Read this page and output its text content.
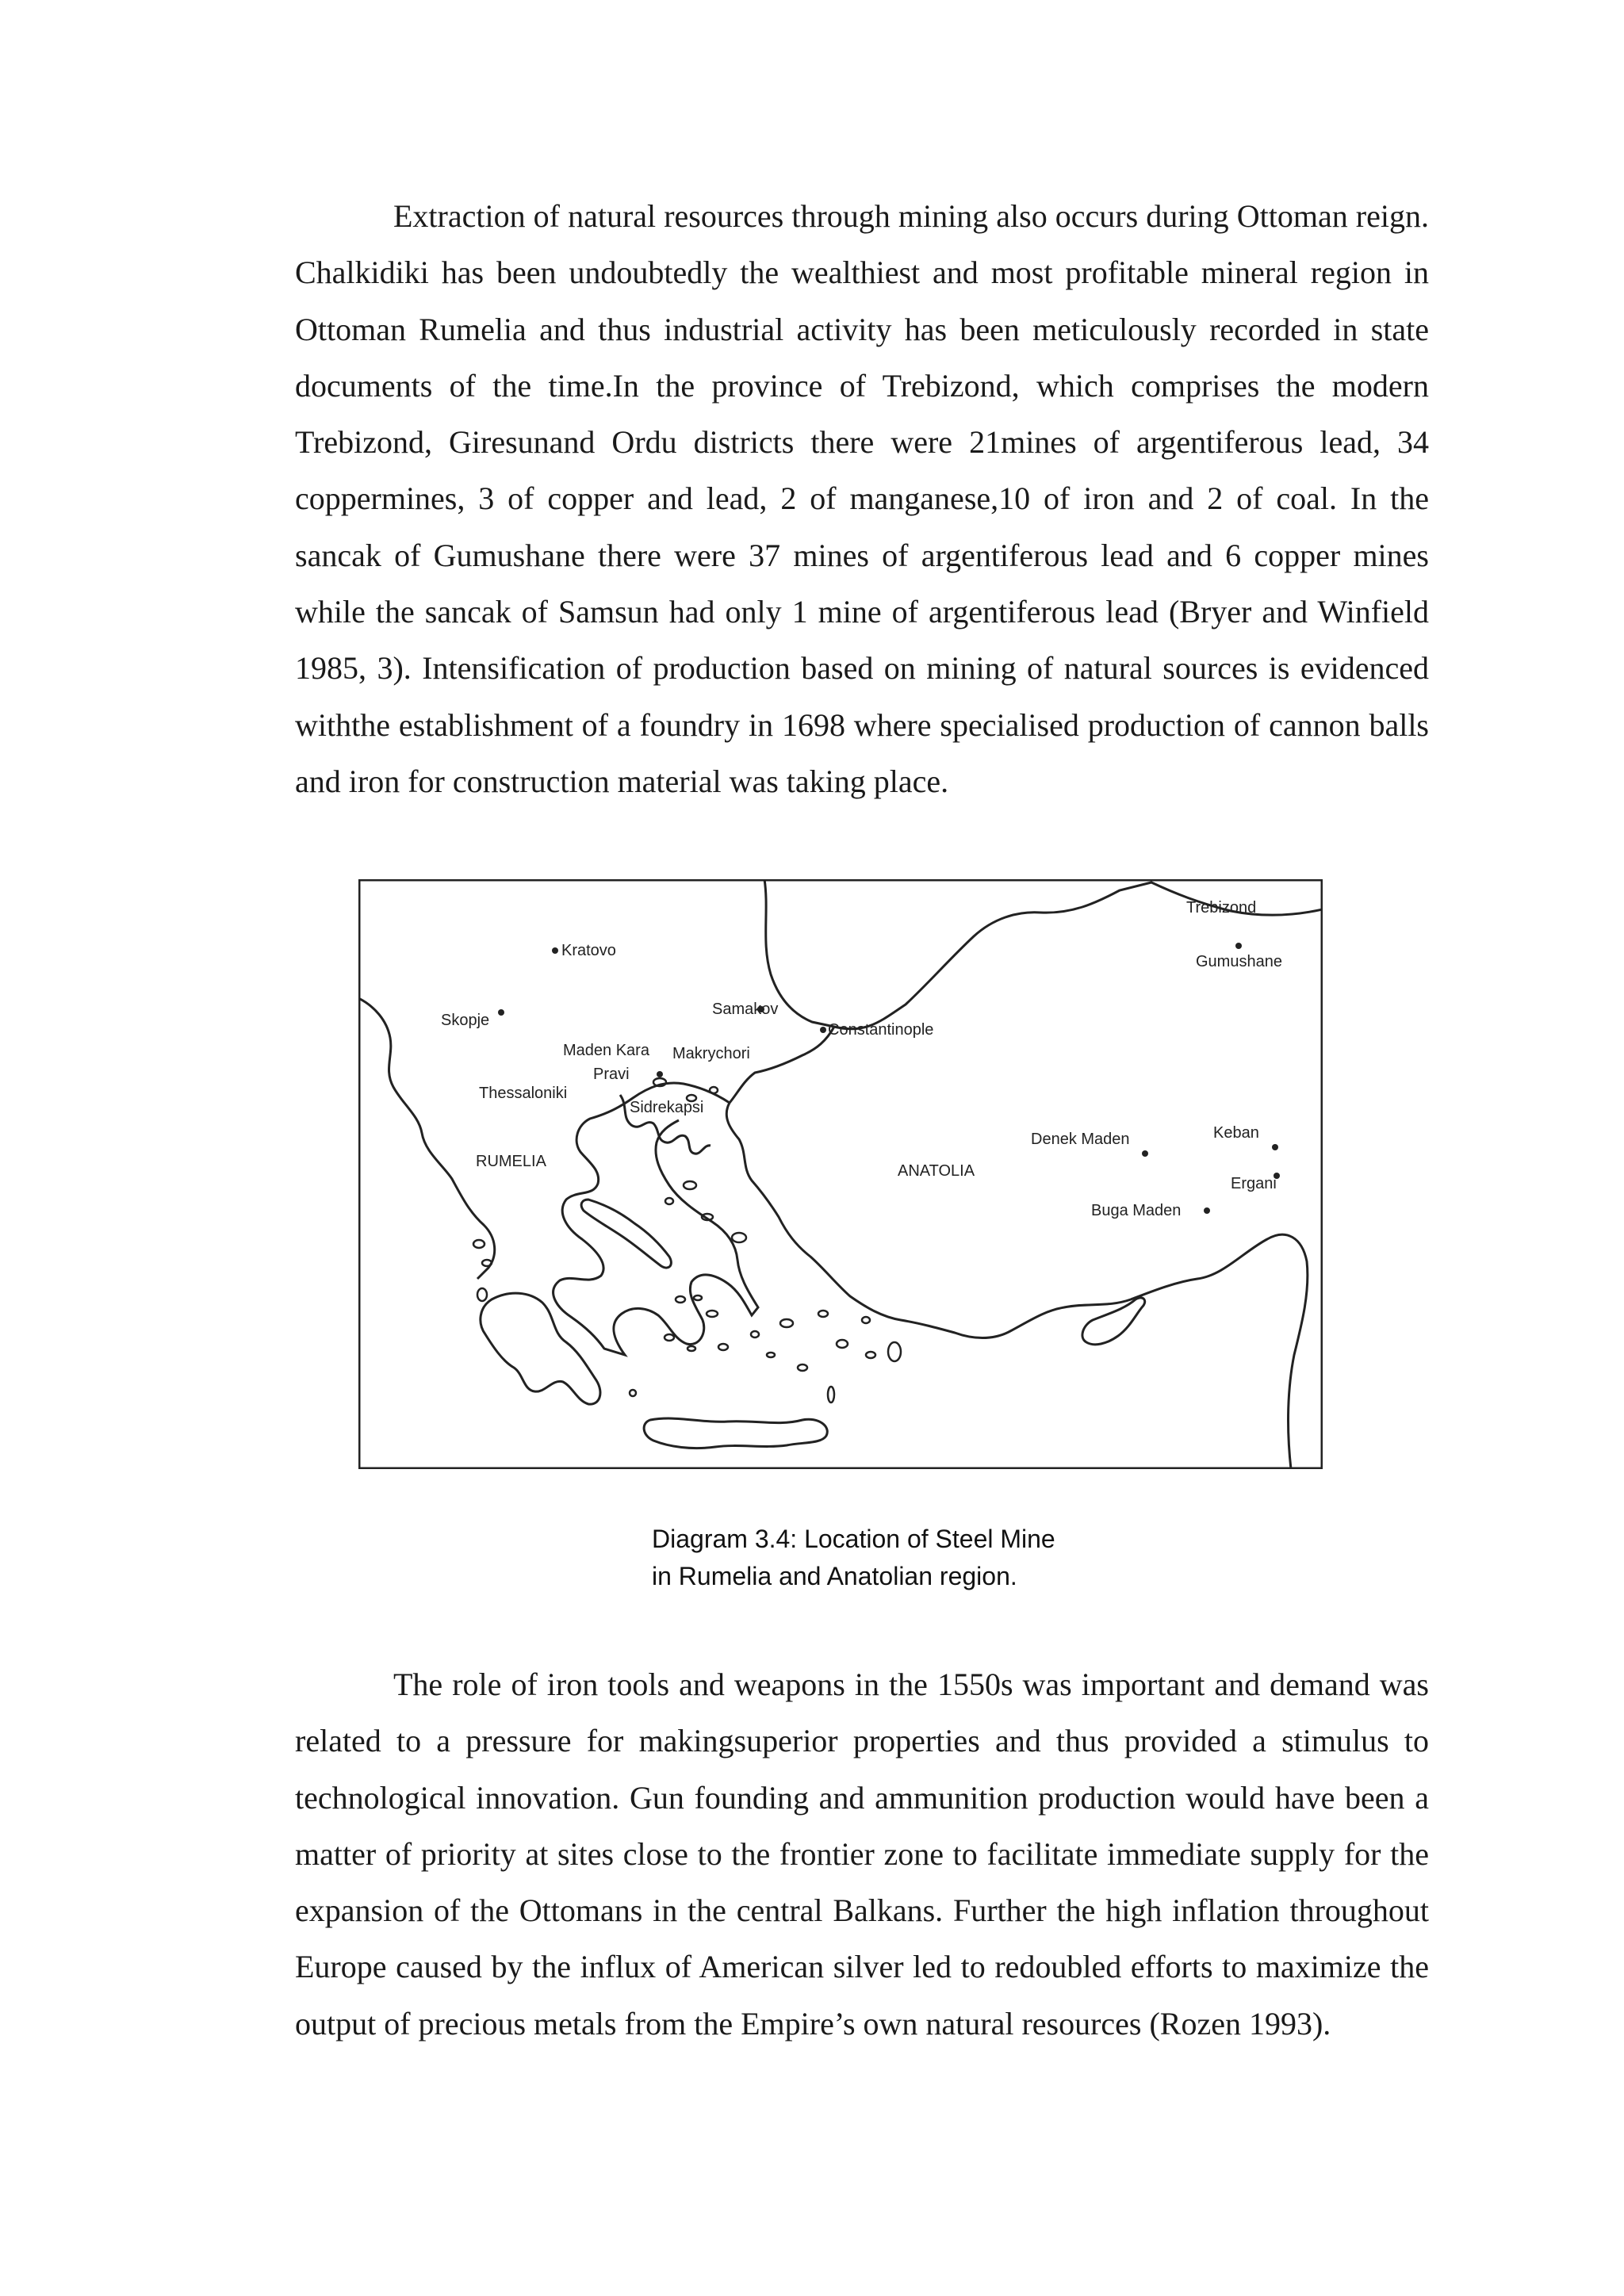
Extraction of natural resources through mining also occurs during Ottoman reign. Chalkidiki has been undoubtedly the wealthiest and most profitable mineral region in Ottoman Rumelia and thus industrial activity has been meticulously recorded in state documents of the time.In the province of Trebizond, which comprises the modern Trebizond, Giresunand Ordu districts there were 21mines of argentiferous lead, 34 coppermines, 3 of copper and lead, 2 of manganese,10 of iron and 2 of coal. In the sancak of Gumushane there were 37 mines of argentiferous lead and 6 copper mines while the sancak of Samsun had only 1 mine of argentiferous lead (Bryer and Winfield 1985, 3). Intensification of production based on mining of natural sources is evidenced withthe establishment of a foundry in 1698 where specialised production of cannon balls and iron for construction material was taking place.

Trebizond
Gumushane
Kratovo
Skopje
Samakov
Constantinople
Maden Kara Makrychori
Pravi
Thessaloniki
Sidrekapsi
RUMELIA
ANATOLIA
Denek Maden	Keban
Ergani
Buga Maden
Diagram 3.4: Location of Steel Mine
in Rumelia and Anatolian region.

The role of iron tools and weapons in the 1550s was important and demand was related to a pressure for makingsuperior properties and thus provided a stimulus to technological innovation. Gun founding and ammunition production would have been a matter of priority at sites close to the frontier zone to facilitate immediate supply for the expansion of the Ottomans in the central Balkans. Further the high inflation throughout Europe caused by the influx of American silver led to redoubled efforts to maximize the output of precious metals from the Empire’s own natural resources (Rozen 1993).
